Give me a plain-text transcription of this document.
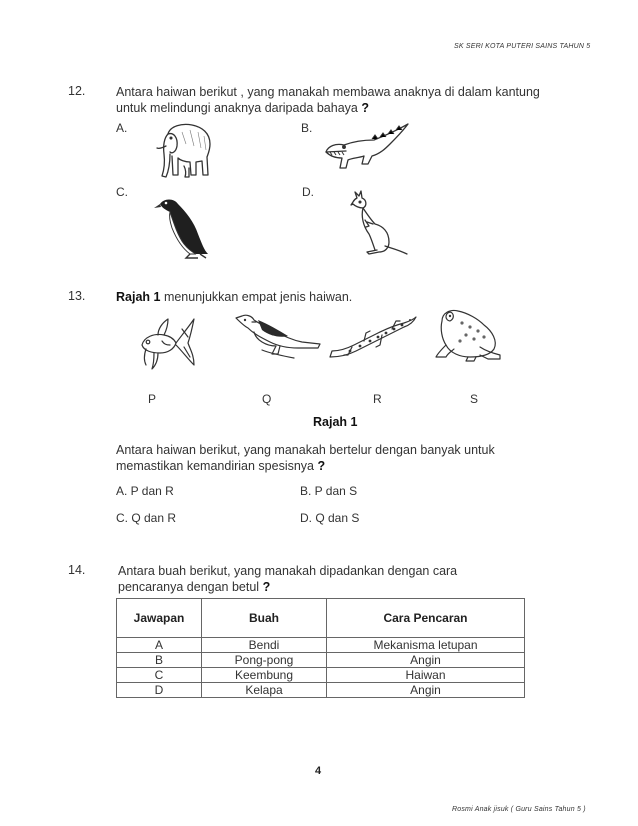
SK SERI KOTA PUTERI SAINS TAHUN 5
12. Antara haiwan berikut , yang manakah membawa anaknya di dalam kantung
untuk melindungi anaknya daripada bahaya ?
A.	B.
C.	D.
13. Rajah 1 menunjukkan empat jenis haiwan.
P	Q	R	S
Rajah 1
Antara haiwan berikut, yang manakah bertelur dengan banyak untuk
memastikan kemandirian spesisnya ?
A. P dan R	B. P dan S
C. Q dan R	D. Q dan S
14.	Antara buah berikut, yang manakah dipadankan dengan cara
pencaranya dengan betul ?
Jawapan	Buah	Cara Pencaran
A	Bendi	Mekanisma letupan
B	Pong-pong	Angin
C	Keembung	Haiwan
D	Kelapa	Angin
4
Rosmi Anak jisuk ( Guru Sains Tahun 5 )
